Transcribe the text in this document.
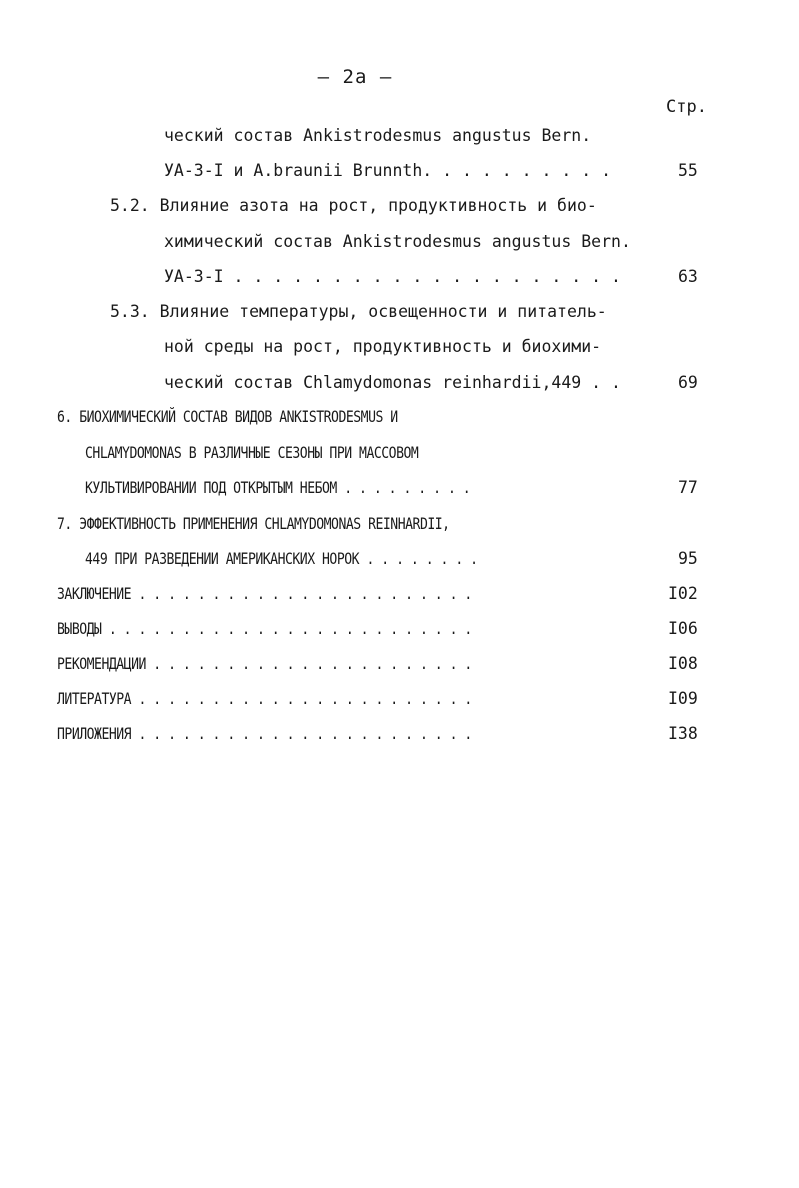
– 2а –
Стр.
ческий состав Ankistrodesmus angustus Bern.
УА-З-I и A.braunii Brunnth. . . . . . . . . .	55
5.2. Влияние азота на рост, продуктивность и био-
химический состав Ankistrodesmus angustus Bern.
УА-З-I . . . . . . . . . . . . . . . . . . . .	63
5.3. Влияние температуры, освещенности и питатель-
ной среды на рост, продуктивность и биохими-
ческий состав Chlamydomonas reinhardii,449 . .	69
6. БИОХИМИЧЕСКИЙ СОСТАВ ВИДОВ ANKISTRODESMUS И
CHLAMYDOMONAS В РАЗЛИЧНЫЕ СЕЗОНЫ ПРИ МАССОВОМ
КУЛЬТИВИРОВАНИИ ПОД ОТКРЫТЫМ НЕБОМ . . . . . . . . .	77
7. ЭФФЕКТИВНОСТЬ ПРИМЕНЕНИЯ CHLAMYDOMONAS REINHARDII,
449 ПРИ РАЗВЕДЕНИИ АМЕРИКАНСКИХ НОРОК . . . . . . . .	95
ЗАКЛЮЧЕНИЕ . . . . . . . . . . . . . . . . . . . . . . .	I02
ВЫВОДЫ . . . . . . . . . . . . . . . . . . . . . . . . .	I06
РЕКОМЕНДАЦИИ . . . . . . . . . . . . . . . . . . . . . .	I08
ЛИТЕРАТУРА . . . . . . . . . . . . . . . . . . . . . . .	I09
ПРИЛОЖЕНИЯ . . . . . . . . . . . . . . . . . . . . . . .	I38
